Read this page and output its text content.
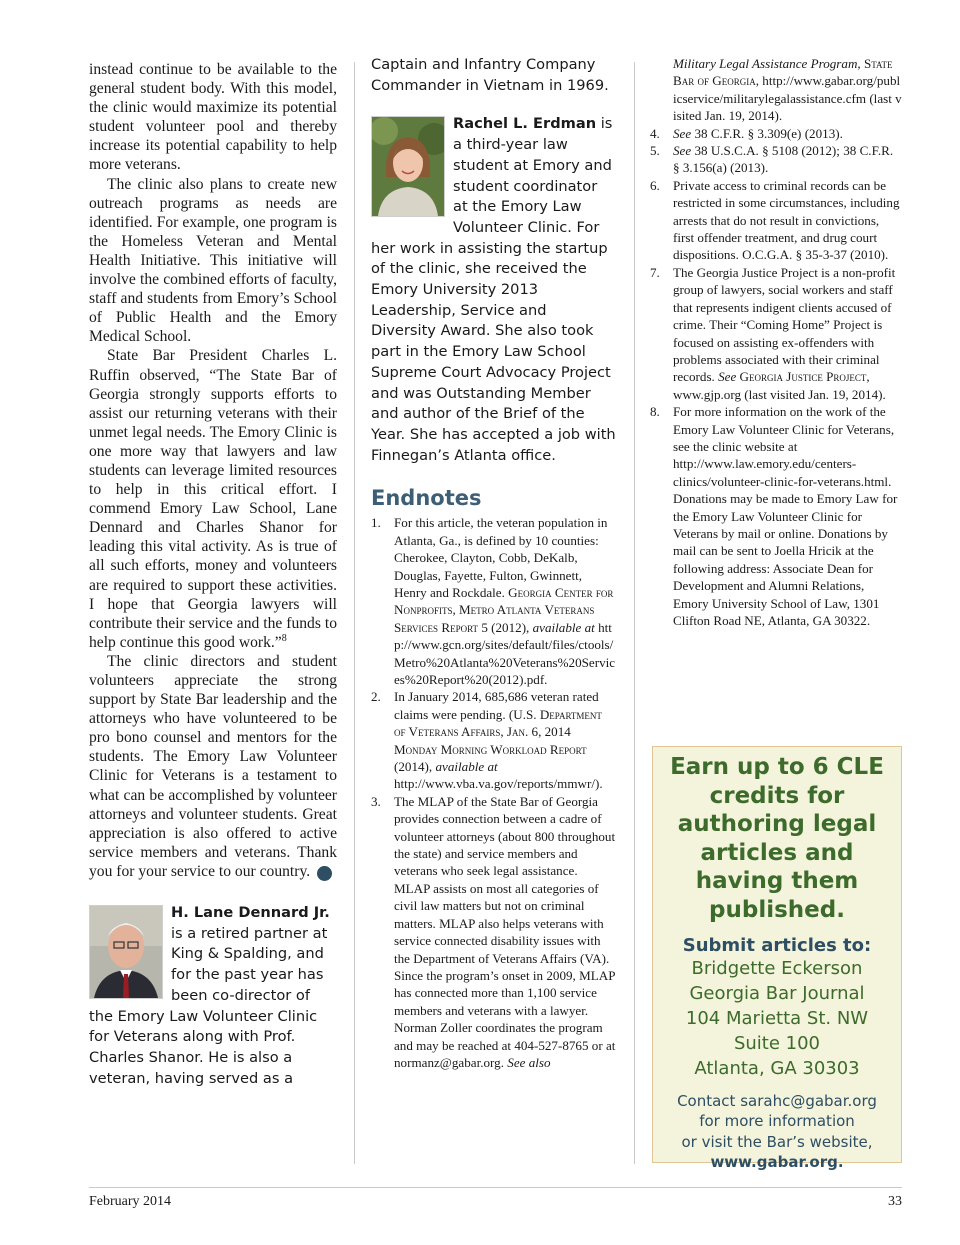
instead continue to be available to the general student body. With this model, the clinic would maximize its potential student volunteer pool and thereby increase its potential capability to help more veterans.

The clinic also plans to create new outreach programs as needs are identified. For example, one program is the Homeless Veteran and Mental Health Initiative. This initiative will involve the combined efforts of faculty, staff and students from Emory’s School of Public Health and the Emory Medical School.

State Bar President Charles L. Ruffin observed, “The State Bar of Georgia strongly supports efforts to assist our returning veterans with their unmet legal needs. The Emory Clinic is one more way that lawyers and law students can leverage limited resources to help in this critical effort. I commend Emory Law School, Lane Dennard and Charles Shanor for leading this vital activity. As is true of all such efforts, money and volunteers are required to support these activities. I hope that Georgia lawyers will contribute their service and the funds to help continue this good work.”$^8$

The clinic directors and student volunteers appreciate the strong support by State Bar leadership and the attorneys who have volunteered to be pro bono counsel and mentors for the students. The Emory Law Volunteer Clinic for Veterans is a testament to what can be accomplished by volunteer attorneys and volunteer students. Great appreciation is also offered to active service members and veterans. Thank you for your service to our country. GBJ

H. Lane Dennard Jr. is a retired partner at King & Spalding, and for the past year has been co-director of the Emory Law Volunteer Clinic for Veterans along with Prof. Charles Shanor. He is also a veteran, having served as a
Captain and Infantry Company Commander in Vietnam in 1969.
Rachel L. Erdman is a third-year law student at Emory and student coordinator at the Emory Law Volunteer Clinic. For her work in assisting the startup of the clinic, she received the Emory University 2013 Leadership, Service and Diversity Award. She also took part in the Emory Law School Supreme Court Advocacy Project and was Outstanding Member and author of the Brief of the Year. She has accepted a job with Finnegan’s Atlanta office.
Endnotes
1. For this article, the veteran population in Atlanta, Ga., is defined by 10 counties: Cherokee, Clayton, Cobb, DeKalb, Douglas, Fayette, Fulton, Gwinnett, Henry and Rockdale. Georgia Center for Nonprofits, Metro Atlanta Veterans Services Report 5 (2012), available at http://www.gcn.org/sites/default/files/ctools/Metro%20Atlanta%20Veterans%20Services%20Report%20(2012).pdf.
2. In January 2014, 685,686 veteran rated claims were pending. (U.S. Department of Veterans Affairs, Jan. 6, 2014 Monday Morning Workload Report (2014), available at http://www.vba.va.gov/reports/mmwr/).
3. The MLAP of the State Bar of Georgia provides connection between a cadre of volunteer attorneys (about 800 throughout the state) and service members and veterans who seek legal assistance. MLAP assists on most all categories of civil law matters but not on criminal matters. MLAP also helps veterans with service connected disability issues with the Department of Veterans Affairs (VA). Since the program’s onset in 2009, MLAP has connected more than 1,100 service members and veterans with a lawyer. Norman Zoller coordinates the program and may be reached at 404-527-8765 or at normanz@gabar.org. See also
Military Legal Assistance Program, State Bar of Georgia, http://www.gabar.org/publicservice/militarylegalassistance.cfm (last visited Jan. 19, 2014).
4. See 38 C.F.R. § 3.309(e) (2013).
5. See 38 U.S.C.A. § 5108 (2012); 38 C.F.R. § 3.156(a) (2013).
6. Private access to criminal records can be restricted in some circumstances, including arrests that do not result in convictions, first offender treatment, and drug court dispositions. O.C.G.A. § 35-3-37 (2010).
7. The Georgia Justice Project is a non-profit group of lawyers, social workers and staff that represents indigent clients accused of crime. Their “Coming Home” Project is focused on assisting ex-offenders with problems associated with their criminal records. See Georgia Justice Project, www.gjp.org (last visited Jan. 19, 2014).
8. For more information on the work of the Emory Law Volunteer Clinic for Veterans, see the clinic website at http://www.law.emory.edu/centers-clinics/volunteer-clinic-for-veterans.html. Donations may be made to Emory Law for the Emory Law Volunteer Clinic for Veterans by mail or online. Donations by mail can be sent to Joella Hricik at the following address: Associate Dean for Development and Alumni Relations, Emory University School of Law, 1301 Clifton Road NE, Atlanta, GA 30322.
Earn up to 6 CLE credits for authoring legal articles and having them published.
Submit articles to:
Bridgette Eckerson
Georgia Bar Journal
104 Marietta St. NW
Suite 100
Atlanta, GA 30303
Contact sarahc@gabar.org
for more information
or visit the Bar’s website,
www.gabar.org.
February 2014	33
